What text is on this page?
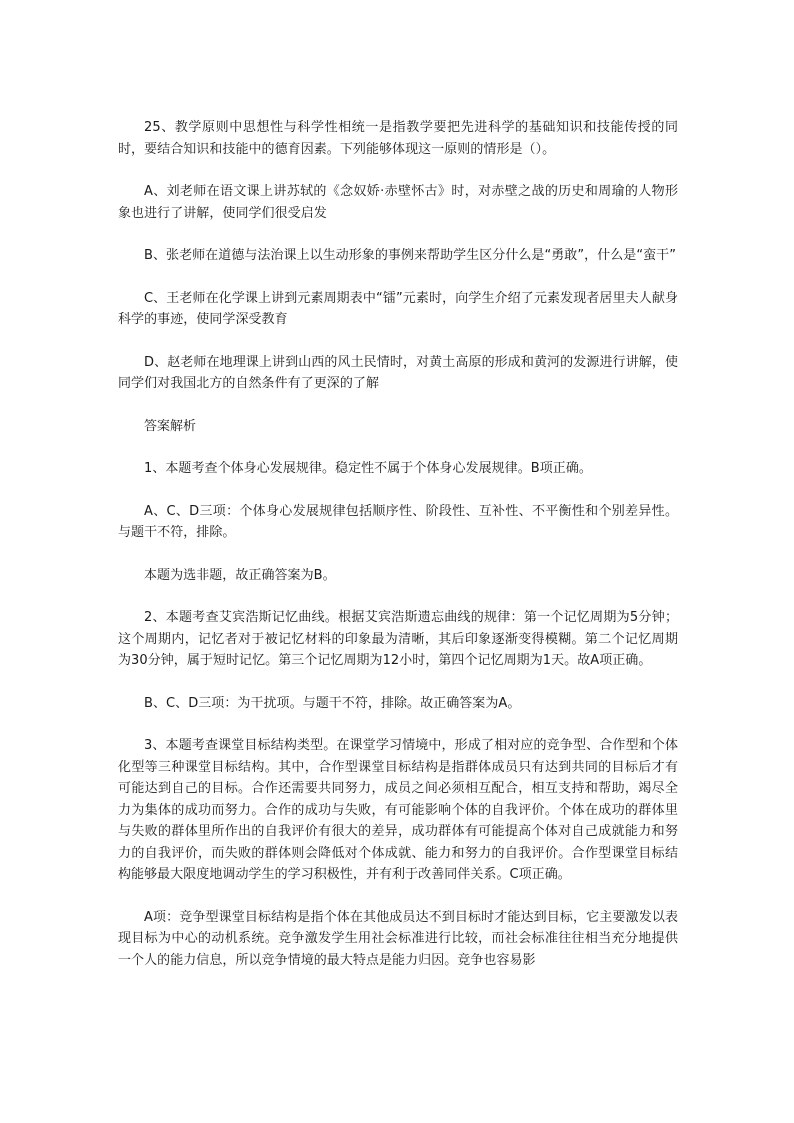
25、教学原则中思想性与科学性相统一是指教学要把先进科学的基础知识和技能传授的同时，要结合知识和技能中的德育因素。下列能够体现这一原则的情形是（）。

A、刘老师在语文课上讲苏轼的《念奴娇·赤壁怀古》时，对赤壁之战的历史和周瑜的人物形象也进行了讲解，使同学们很受启发

B、张老师在道德与法治课上以生动形象的事例来帮助学生区分什么是“勇敢”，什么是“蛮干”

C、王老师在化学课上讲到元素周期表中“镭”元素时，向学生介绍了元素发现者居里夫人献身科学的事迹，使同学深受教育

D、赵老师在地理课上讲到山西的风土民情时，对黄土高原的形成和黄河的发源进行讲解，使同学们对我国北方的自然条件有了更深的了解

答案解析

1、本题考查个体身心发展规律。稳定性不属于个体身心发展规律。B项正确。

A、C、D三项：个体身心发展规律包括顺序性、阶段性、互补性、不平衡性和个别差异性。与题干不符，排除。

本题为选非题，故正确答案为B。

2、本题考查艾宾浩斯记忆曲线。根据艾宾浩斯遗忘曲线的规律：第一个记忆周期为5分钟；这个周期内，记忆者对于被记忆材料的印象最为清晰，其后印象逐渐变得模糊。第二个记忆周期为30分钟，属于短时记忆。第三个记忆周期为12小时，第四个记忆周期为1天。故A项正确。

B、C、D三项：为干扰项。与题干不符，排除。故正确答案为A。

3、本题考查课堂目标结构类型。在课堂学习情境中，形成了相对应的竞争型、合作型和个体化型等三种课堂目标结构。其中，合作型课堂目标结构是指群体成员只有达到共同的目标后才有可能达到自己的目标。合作还需要共同努力，成员之间必须相互配合，相互支持和帮助，竭尽全力为集体的成功而努力。合作的成功与失败，有可能影响个体的自我评价。个体在成功的群体里与失败的群体里所作出的自我评价有很大的差异，成功群体有可能提高个体对自己成就能力和努力的自我评价，而失败的群体则会降低对个体成就、能力和努力的自我评价。合作型课堂目标结构能够最大限度地调动学生的学习积极性，并有利于改善同伴关系。C项正确。

A项：竞争型课堂目标结构是指个体在其他成员达不到目标时才能达到目标，它主要激发以表现目标为中心的动机系统。竞争激发学生用社会标准进行比较，而社会标准往往相当充分地提供一个人的能力信息，所以竞争情境的最大特点是能力归因。竞争也容易影
